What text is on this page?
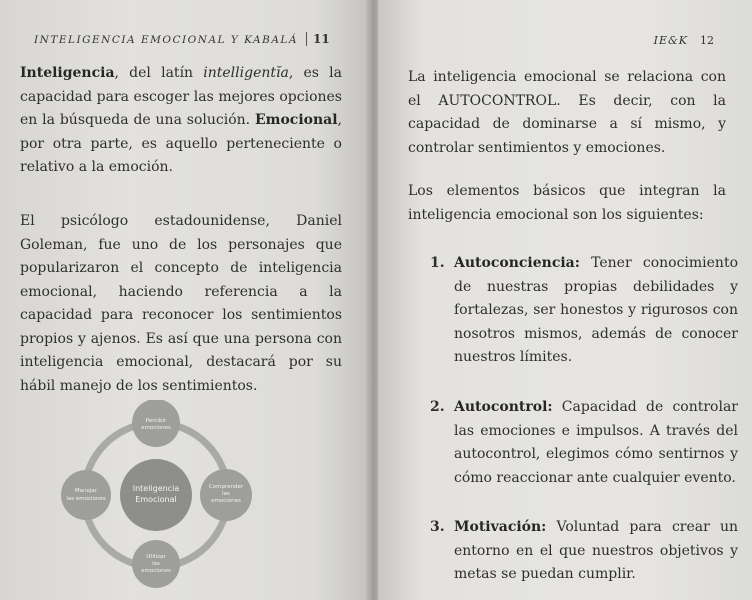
INTELIGENCIA EMOCIONAL Y KABALÁ 11

Inteligencia, del latín intelligentĭa, es la capacidad para escoger las mejores opciones en la búsqueda de una solución. Emocional, por otra parte, es aquello perteneciente o relativo a la emoción.

El psicólogo estadounidense, Daniel Goleman, fue uno de los personajes que popularizaron el concepto de inteligencia emocional, haciendo referencia a la capacidad para reconocer los sentimientos propios y ajenos. Es así que una persona con inteligencia emocional, destacará por su hábil manejo de los sentimientos.

Inteligencia
Emocional
Percibir
emociones
Comprender
las
emociones
Utilizar
las
emociones
Manejar
las emociones
IE&K 12

La inteligencia emocional se relaciona con el AUTOCONTROL. Es decir, con la capacidad de dominarse a sí mismo, y controlar sentimientos y emociones.

Los elementos básicos que integran la inteligencia emocional son los siguientes:

1. Autoconciencia: Tener conocimiento de nuestras propias debilidades y fortalezas, ser honestos y rigurosos con nosotros mismos, además de conocer nuestros límites.
2. Autocontrol: Capacidad de controlar las emociones e impulsos. A través del autocontrol, elegimos cómo sentirnos y cómo reaccionar ante cualquier evento.
3. Motivación: Voluntad para crear un entorno en el que nuestros objetivos y metas se puedan cumplir.
